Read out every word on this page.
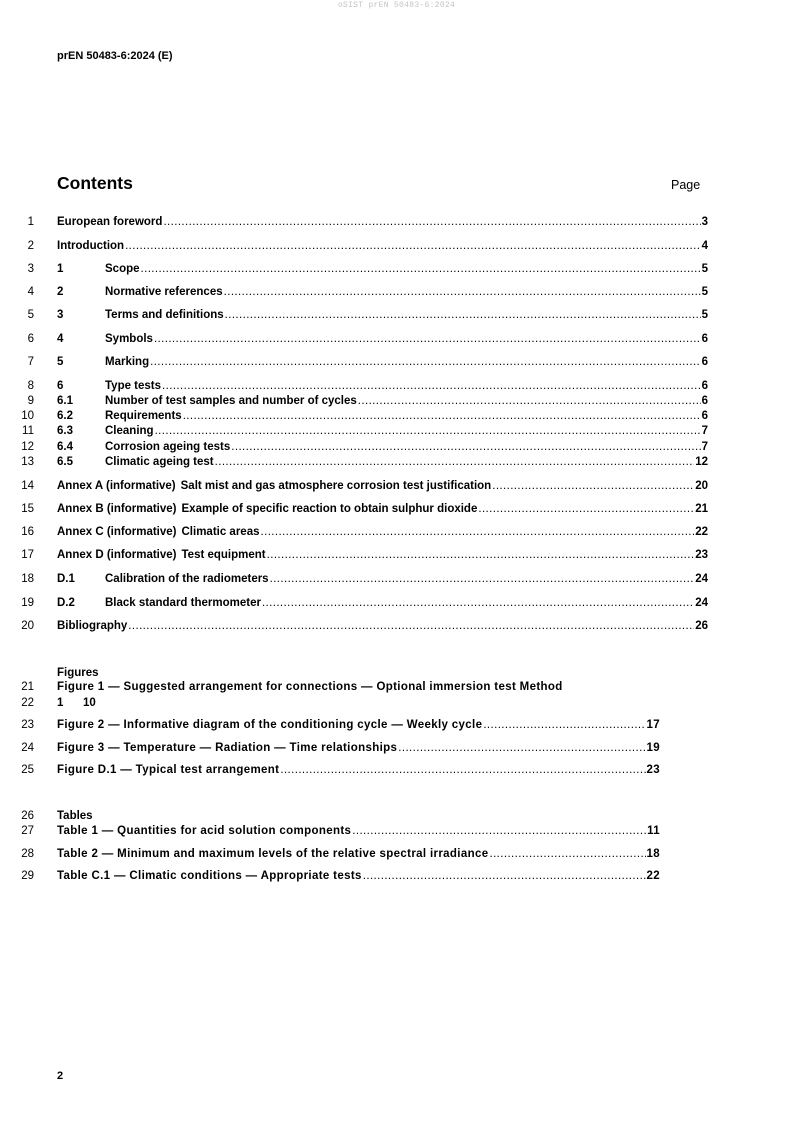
oSIST prEN 50483-6:2024
prEN 50483-6:2024 (E)
Contents	Page
1 European foreword .....	3
2 Introduction .....	4
3 1	Scope .....	5
4 2	Normative references .....	5
5 3	Terms and definitions .....	5
6 4	Symbols .....	6
7 5	Marking .....	6
8 6	Type tests .....	6
9 6.1	Number of test samples and number of cycles .....	6
10 6.2	Requirements .....	6
11 6.3	Cleaning .....	7
12 6.4	Corrosion ageing tests .....	7
13 6.5	Climatic ageing test .....	12
14 Annex A (informative) Salt mist and gas atmosphere corrosion test justification .....	20
15 Annex B (informative) Example of specific reaction to obtain sulphur dioxide .....	21
16 Annex C (informative) Climatic areas .....	22
17 Annex D (informative) Test equipment .....	23
18 D.1	Calibration of the radiometers .....	24
19 D.2	Black standard thermometer .....	24
20 Bibliography .....	26
Figures
21 Figure 1 — Suggested arrangement for connections — Optional immersion test Method
22 1 10
23 Figure 2 — Informative diagram of the conditioning cycle — Weekly cycle .....	17
24 Figure 3 — Temperature — Radiation — Time relationships .....	19
25 Figure D.1 — Typical test arrangement .....	23
26 Tables
27 Table 1 — Quantities for acid solution components .....	11
28 Table 2 — Minimum and maximum levels of the relative spectral irradiance .....	18
29 Table C.1 — Climatic conditions — Appropriate tests .....	22
2
